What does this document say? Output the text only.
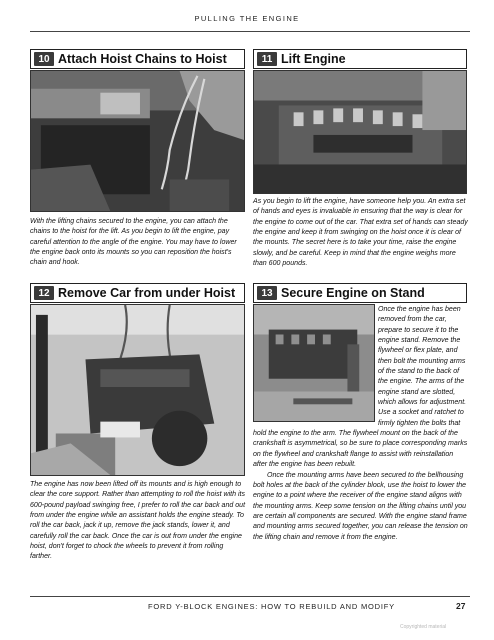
PULLING THE ENGINE
10 Attach Hoist Chains to Hoist

With the lifting chains secured to the engine, you can attach the chains to the hoist for the lift. As you begin to lift the engine, pay careful attention to the angle of the engine. You may have to lower the engine back onto its mounts so you can reposition the hoist's chain and hook.

11 Lift Engine

As you begin to lift the engine, have someone help you. An extra set of hands and eyes is invaluable in ensuring that the way is clear for the engine to come out of the car. That extra set of hands can steady the engine and keep it from swinging on the hoist once it is clear of the mounts. The secret here is to take your time, raise the engine slowly, and be careful. Keep in mind that the engine weighs more than 600 pounds.

12 Remove Car from under Hoist

The engine has now been lifted off its mounts and is high enough to clear the core support. Rather than attempting to roll the hoist with its 600-pound payload swinging free, I prefer to roll the car back and out from under the engine while an assistant holds the engine steady. To roll the car back, jack it up, remove the jack stands, lower it, and carefully roll the car back. Once the car is out from under the engine hoist, don't forget to chock the wheels to prevent it from rolling farther.

13 Secure Engine on Stand

Once the engine has been removed from the car, prepare to secure it to the engine stand. Remove the flywheel or flex plate, and then bolt the mounting arms of the stand to the back of the engine. The arms of the engine stand are slotted, which allows for adjustment. Use a socket and ratchet to firmly tighten the bolts that hold the engine to the arm. The flywheel mount on the back of the crankshaft is asymmetrical, so be sure to place corresponding marks on the flywheel and crankshaft flange to assist with reinstallation after the engine has been rebuilt.

Once the mounting arms have been secured to the bellhousing bolt holes at the back of the cylinder block, use the hoist to lower the engine to a point where the receiver of the engine stand aligns with the mounting arms. Keep some tension on the lifting chains until you are certain all components are secured. With the engine stand frame and mounting arms secured together, you can release the tension on the lifting chain and remove it from the engine.

FORD Y-BLOCK ENGINES: HOW TO REBUILD AND MODIFY	27
Copyrighted material
